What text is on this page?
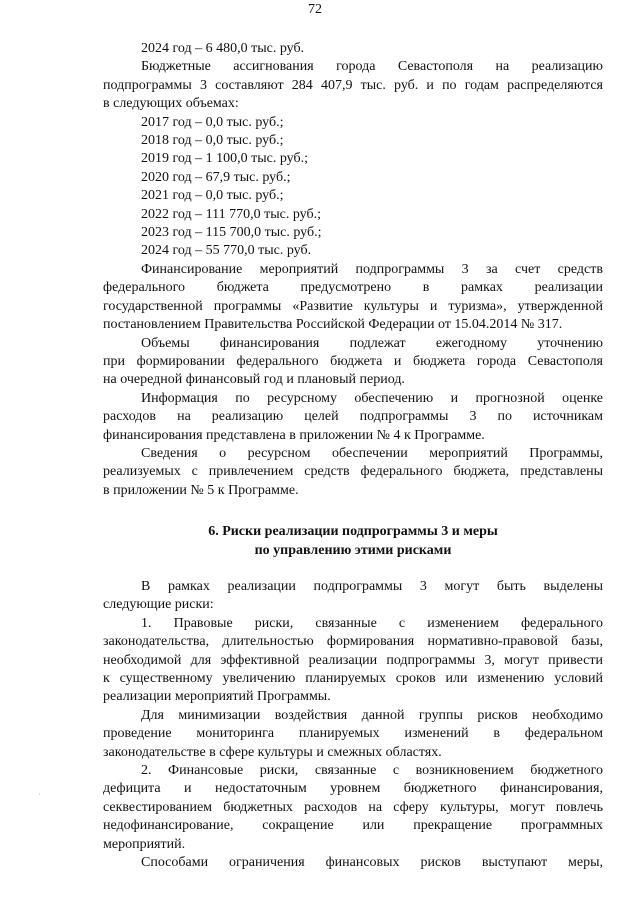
72
2024 год – 6 480,0 тыс. руб.
Бюджетные ассигнования города Севастополя на реализацию
подпрограммы 3 составляют 284 407,9 тыс. руб. и по годам распределяются
в следующих объемах:
2017 год – 0,0 тыс. руб.;
2018 год – 0,0 тыс. руб.;
2019 год – 1 100,0 тыс. руб.;
2020 год – 67,9 тыс. руб.;
2021 год – 0,0 тыс. руб.;
2022 год – 111 770,0 тыс. руб.;
2023 год – 115 700,0 тыс. руб.;
2024 год – 55 770,0 тыс. руб.
Финансирование мероприятий подпрограммы 3 за счет средств
федерального бюджета предусмотрено в рамках реализации
государственной программы «Развитие культуры и туризма», утвержденной
постановлением Правительства Российской Федерации от 15.04.2014 № 317.
Объемы финансирования подлежат ежегодному уточнению
при формировании федерального бюджета и бюджета города Севастополя
на очередной финансовый год и плановый период.
Информация по ресурсному обеспечению и прогнозной оценке
расходов на реализацию целей подпрограммы 3 по источникам
финансирования представлена в приложении № 4 к Программе.
Сведения о ресурсном обеспечении мероприятий Программы,
реализуемых с привлечением средств федерального бюджета, представлены
в приложении № 5 к Программе.
6. Риски реализации подпрограммы 3 и меры
по управлению этими рисками
В рамках реализации подпрограммы 3 могут быть выделены
следующие риски:
1. Правовые риски, связанные с изменением федерального
законодательства, длительностью формирования нормативно-правовой базы,
необходимой для эффективной реализации подпрограммы 3, могут привести
к существенному увеличению планируемых сроков или изменению условий
реализации мероприятий Программы.
Для минимизации воздействия данной группы рисков необходимо
проведение мониторинга планируемых изменений в федеральном
законодательстве в сфере культуры и смежных областях.
2. Финансовые риски, связанные с возникновением бюджетного
дефицита и недостаточным уровнем бюджетного финансирования,
секвестированием бюджетных расходов на сферу культуры, могут повлечь
недофинансирование, сокращение или прекращение программных
мероприятий.
Способами ограничения финансовых рисков выступают меры,
·
